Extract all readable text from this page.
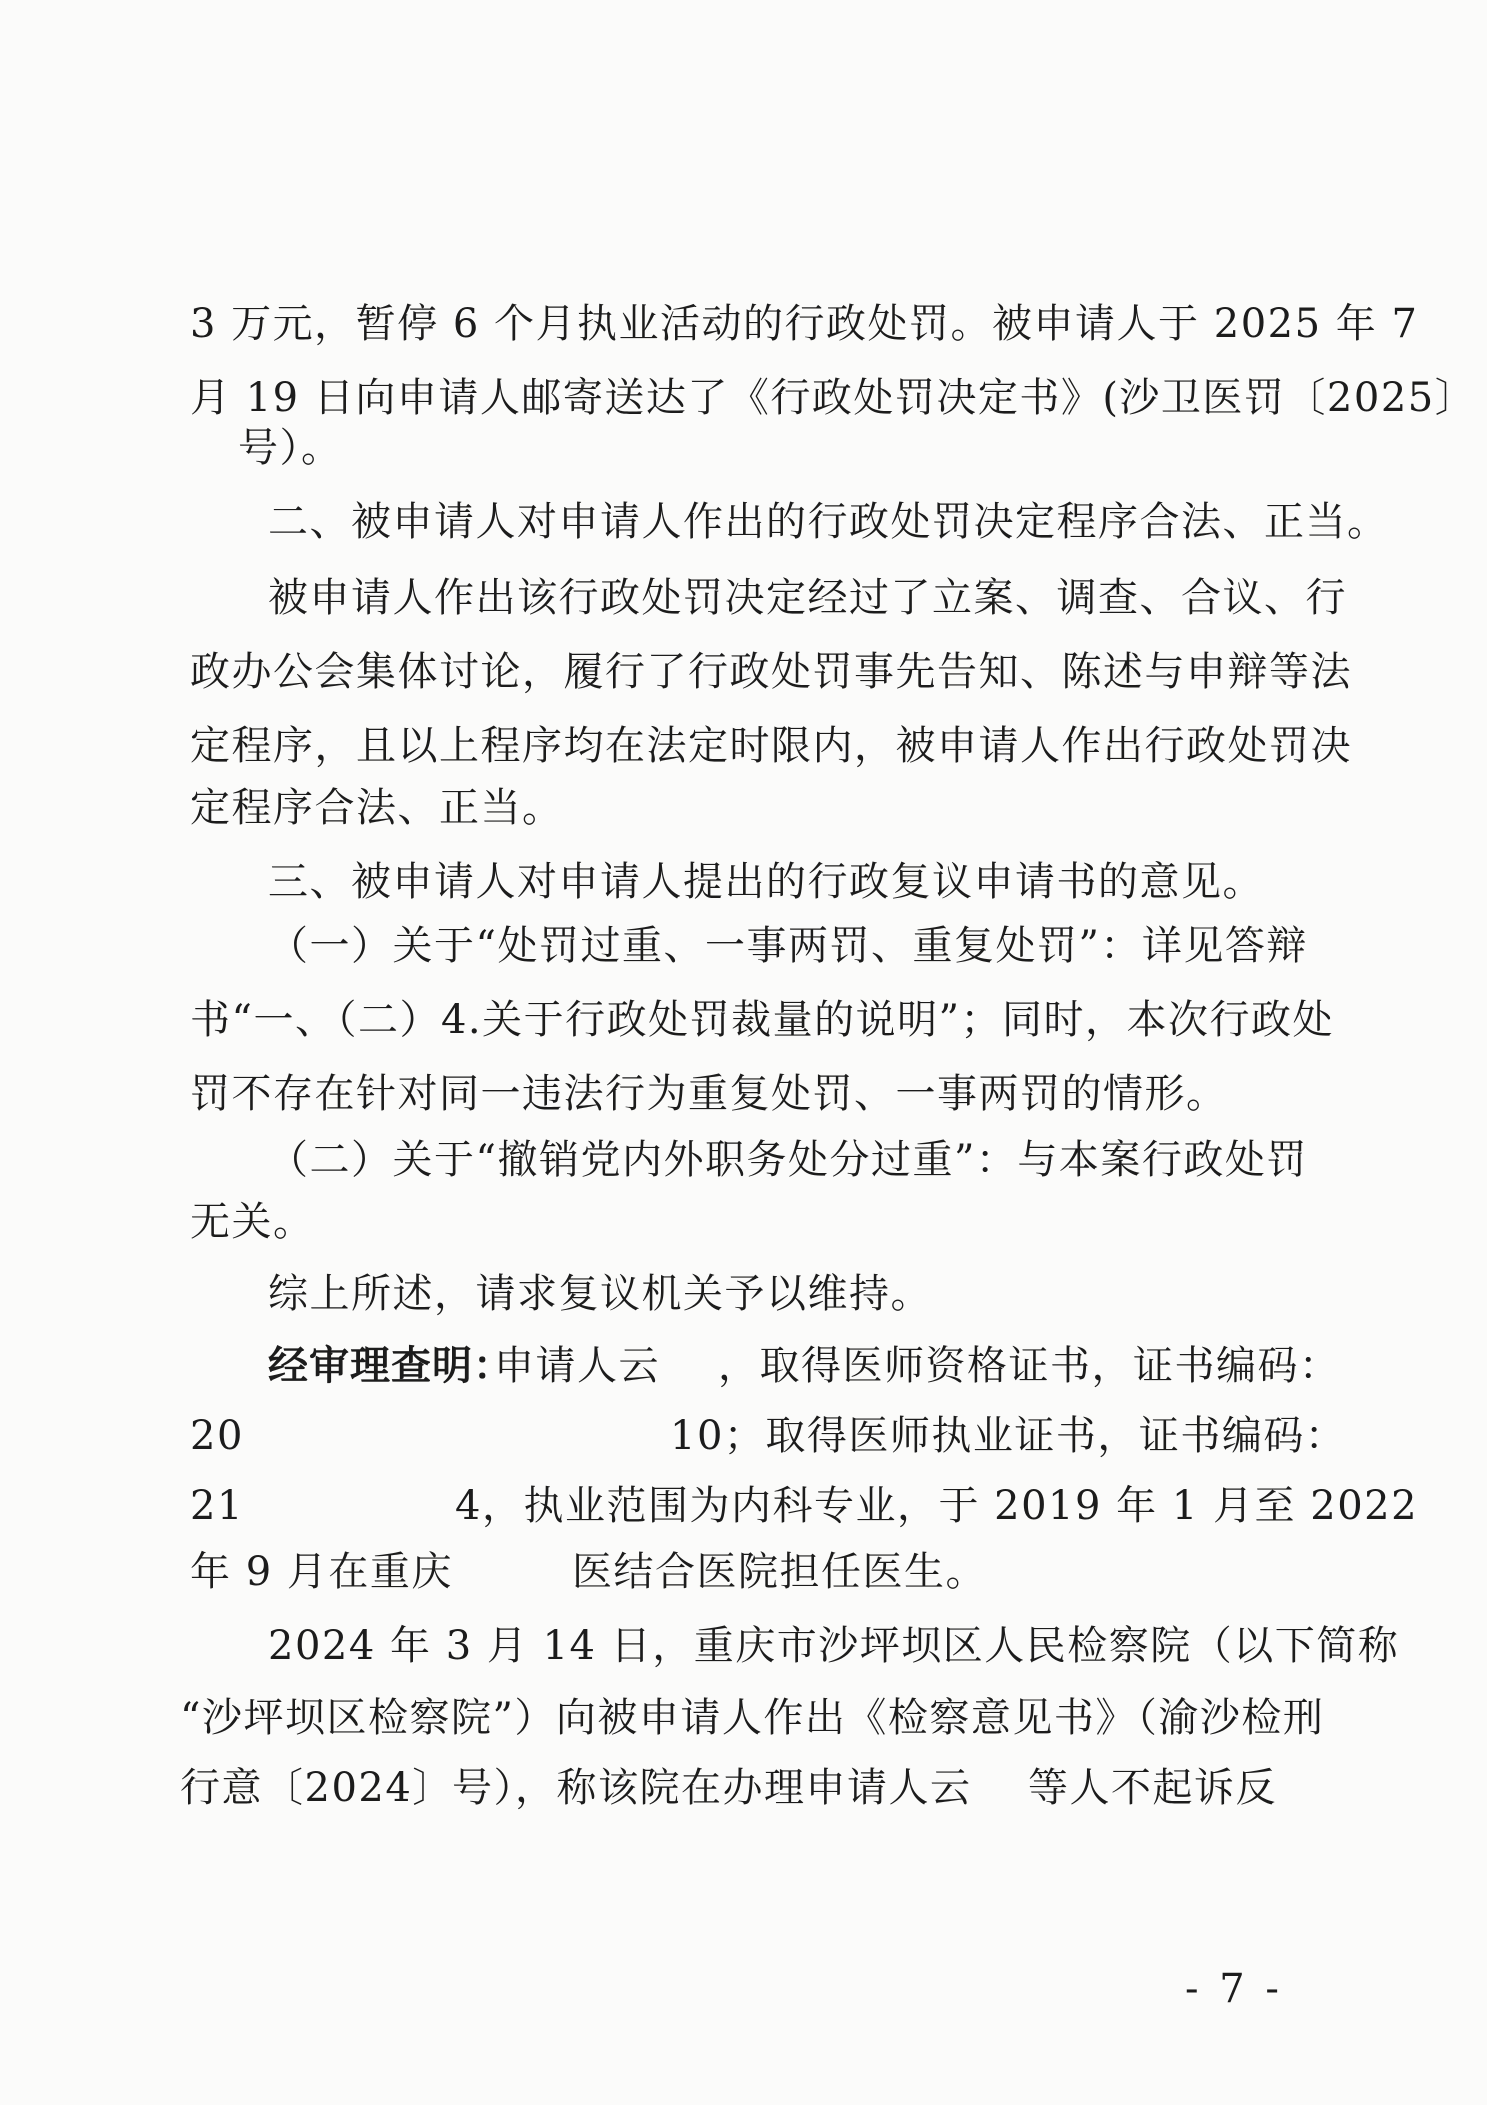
3 万元，暂停 6 个月执业活动的行政处罚。被申请人于 2025 年 7
月 19 日向申请人邮寄送达了《行政处罚决定书》(沙卫医罚〔2025〕
号）。
二、被申请人对申请人作出的行政处罚决定程序合法、正当。
被申请人作出该行政处罚决定经过了立案、调查、合议、行
政办公会集体讨论，履行了行政处罚事先告知、陈述与申辩等法
定程序，且以上程序均在法定时限内，被申请人作出行政处罚决
定程序合法、正当。
三、被申请人对申请人提出的行政复议申请书的意见。
（一）关于“处罚过重、一事两罚、重复处罚”：详见答辩
书“一、（二）4.关于行政处罚裁量的说明”；同时，本次行政处
罚不存在针对同一违法行为重复处罚、一事两罚的情形。
（二）关于“撤销党内外职务处分过重”：与本案行政处罚
无关。
综上所述，请求复议机关予以维持。
经审理查明：
申请人云 ，取得医师资格证书，证书编码：
20	10；取得医师执业证书，证书编码：
21	4，执业范围为内科专业，于 2019 年 1 月至 2022
年 9 月在重庆	医结合医院担任医生。
2024 年 3 月 14 日，重庆市沙坪坝区人民检察院（以下简称
“沙坪坝区检察院”）向被申请人作出《检察意见书》（渝沙检刑
行意〔2024〕
号），称该院在办理申请人云 等人不起诉反
- 7 -
